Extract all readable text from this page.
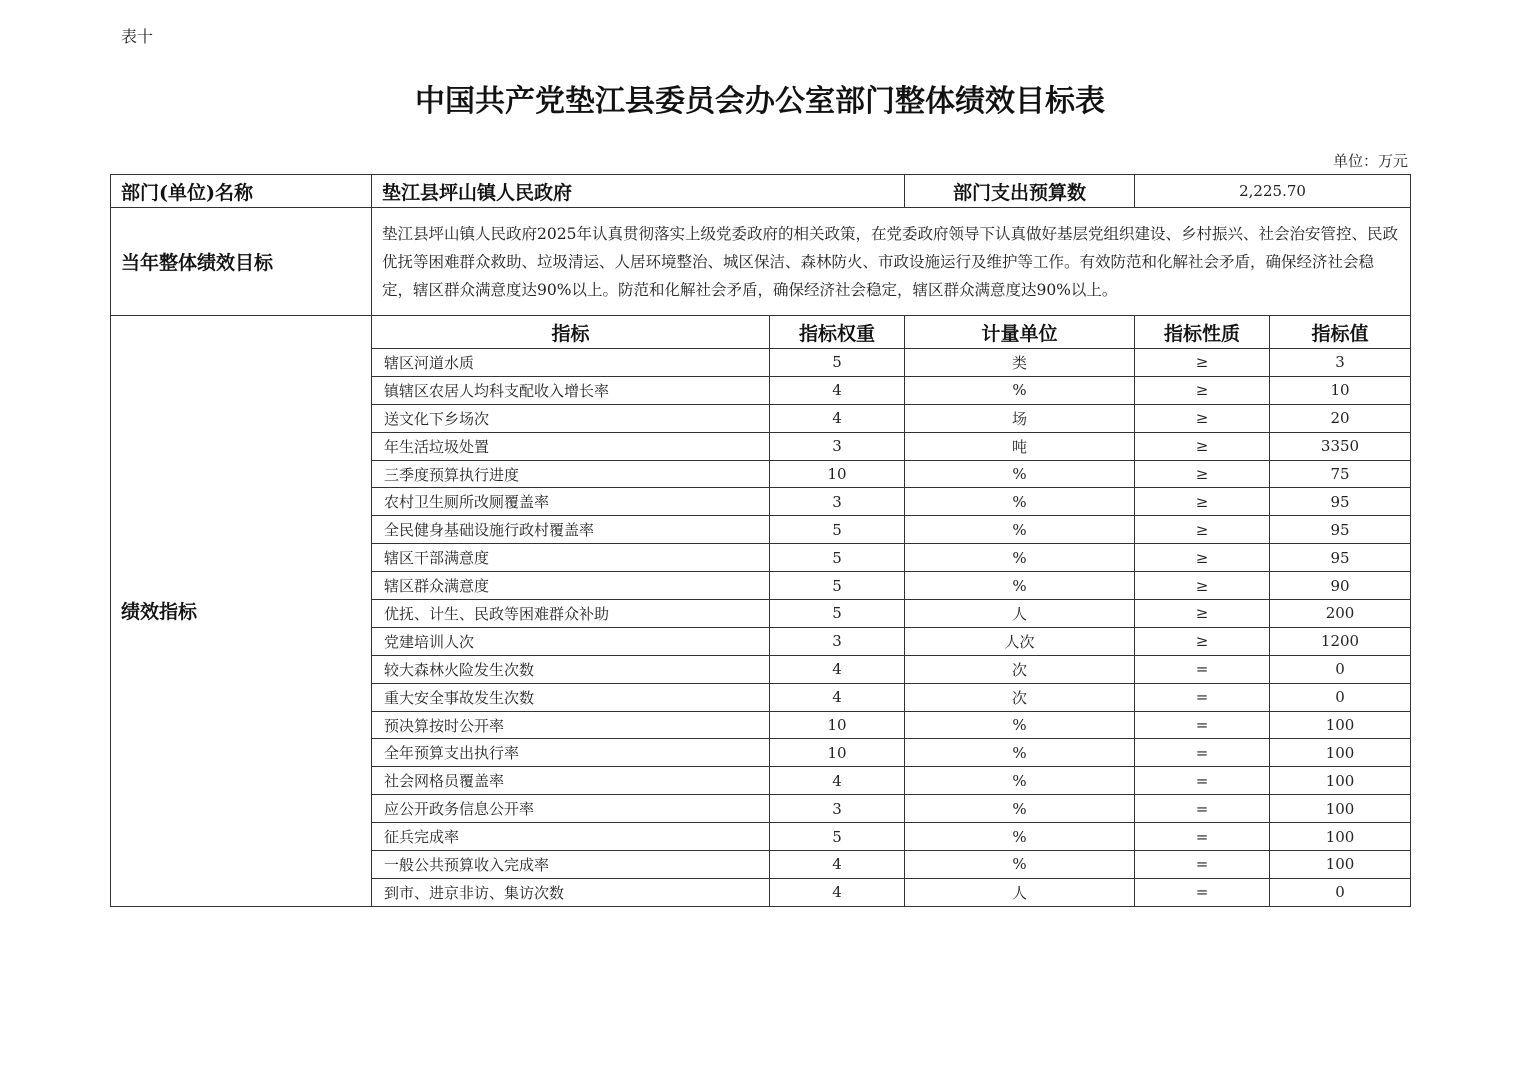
表十
中国共产党垫江县委员会办公室部门整体绩效目标表
单位：万元
部门(单位)名称	垫江县坪山镇人民政府		部门支出预算数	2,225.70	
当年整体绩效目标	垫江县坪山镇人民政府2025年认真贯彻落实上级党委政府的相关政策，在党委政府领导下认真做好基层党组织建设、乡村振兴、社会治安管控、民政优抚等困难群众救助、垃圾清运、人居环境整治、城区保洁、森林防火、市政设施运行及维护等工作。有效防范和化解社会矛盾，确保经济社会稳定，辖区群众满意度达90%以上。防范和化解社会矛盾，确保经济社会稳定，辖区群众满意度达90%以上。				
绩效指标	指标	指标权重	计量单位	指标性质	指标值
	辖区河道水质	5	类	≥	3
	镇辖区农居人均科支配收入增长率	4	%	≥	10
	送文化下乡场次	4	场	≥	20
	年生活垃圾处置	3	吨	≥	3350
	三季度预算执行进度	10	%	≥	75
	农村卫生厕所改厕覆盖率	3	%	≥	95
	全民健身基础设施行政村覆盖率	5	%	≥	95
	辖区干部满意度	5	%	≥	95
	辖区群众满意度	5	%	≥	90
	优抚、计生、民政等困难群众补助	5	人	≥	200
	党建培训人次	3	人次	≥	1200
	较大森林火险发生次数	4	次	=	0
	重大安全事故发生次数	4	次	=	0
	预决算按时公开率	10	%	=	100
	全年预算支出执行率	10	%	=	100
	社会网格员覆盖率	4	%	=	100
	应公开政务信息公开率	3	%	=	100
	征兵完成率	5	%	=	100
	一般公共预算收入完成率	4	%	=	100
	到市、进京非访、集访次数	4	人	=	0
